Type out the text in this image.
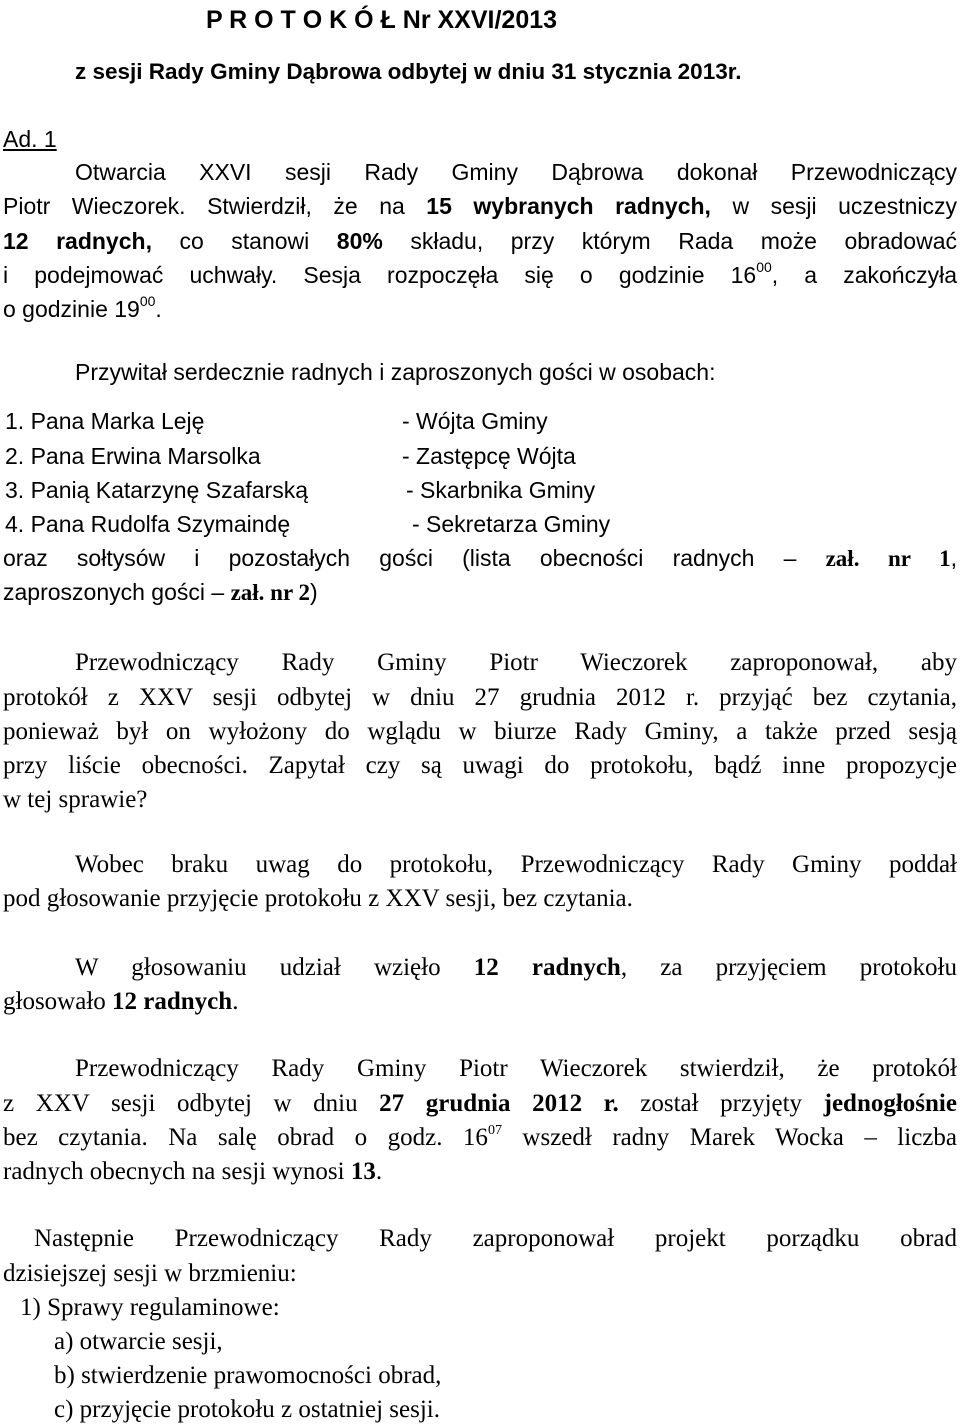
P R O T O K Ó Ł Nr XXVI/2013
z sesji Rady Gminy Dąbrowa odbytej w dniu 31 stycznia 2013r.
Ad. 1
Otwarcia XXVI sesji Rady Gminy Dąbrowa dokonał Przewodniczący
Piotr Wieczorek. Stwierdził, że na 15 wybranych radnych, w sesji uczestniczy
12 radnych, co stanowi 80% składu, przy którym Rada może obradować
i podejmować uchwały. Sesja rozpoczęła się o godzinie $16^{00}$, a zakończyła
o godzinie $19^{00}$.
Przywitał serdecznie radnych i zaproszonych gości w osobach:
1. Pana Marka Leję	- Wójta Gminy
2. Pana Erwina Marsolka	- Zastępcę Wójta
3. Panią Katarzynę Szafarską	- Skarbnika Gminy
4. Pana Rudolfa Szymaindę	- Sekretarza Gminy
oraz sołtysów i pozostałych gości (lista obecności radnych – zał. nr 1,
zaproszonych gości – zał. nr 2)
Przewodniczący Rady Gminy Piotr Wieczorek zaproponował, aby
protokół z XXV sesji odbytej w dniu 27 grudnia 2012 r. przyjąć bez czytania,
ponieważ był on wyłożony do wglądu w biurze Rady Gminy, a także przed sesją
przy liście obecności. Zapytał czy są uwagi do protokołu, bądź inne propozycje
w tej sprawie?
Wobec braku uwag do protokołu, Przewodniczący Rady Gminy poddał
pod głosowanie przyjęcie protokołu z XXV sesji, bez czytania.
W głosowaniu udział wzięło 12 radnych, za przyjęciem protokołu
głosowało 12 radnych.
Przewodniczący Rady Gminy Piotr Wieczorek stwierdził, że protokół
z XXV sesji odbytej w dniu 27 grudnia 2012 r. został przyjęty jednogłośnie
bez czytania. Na salę obrad o godz. $16^{07}$ wszedł radny Marek Wocka – liczba
radnych obecnych na sesji wynosi 13.
Następnie Przewodniczący Rady zaproponował projekt porządku obrad
dzisiejszej sesji w brzmieniu:
1) Sprawy regulaminowe:
a) otwarcie sesji,
b) stwierdzenie prawomocności obrad,
c) przyjęcie protokołu z ostatniej sesji.
